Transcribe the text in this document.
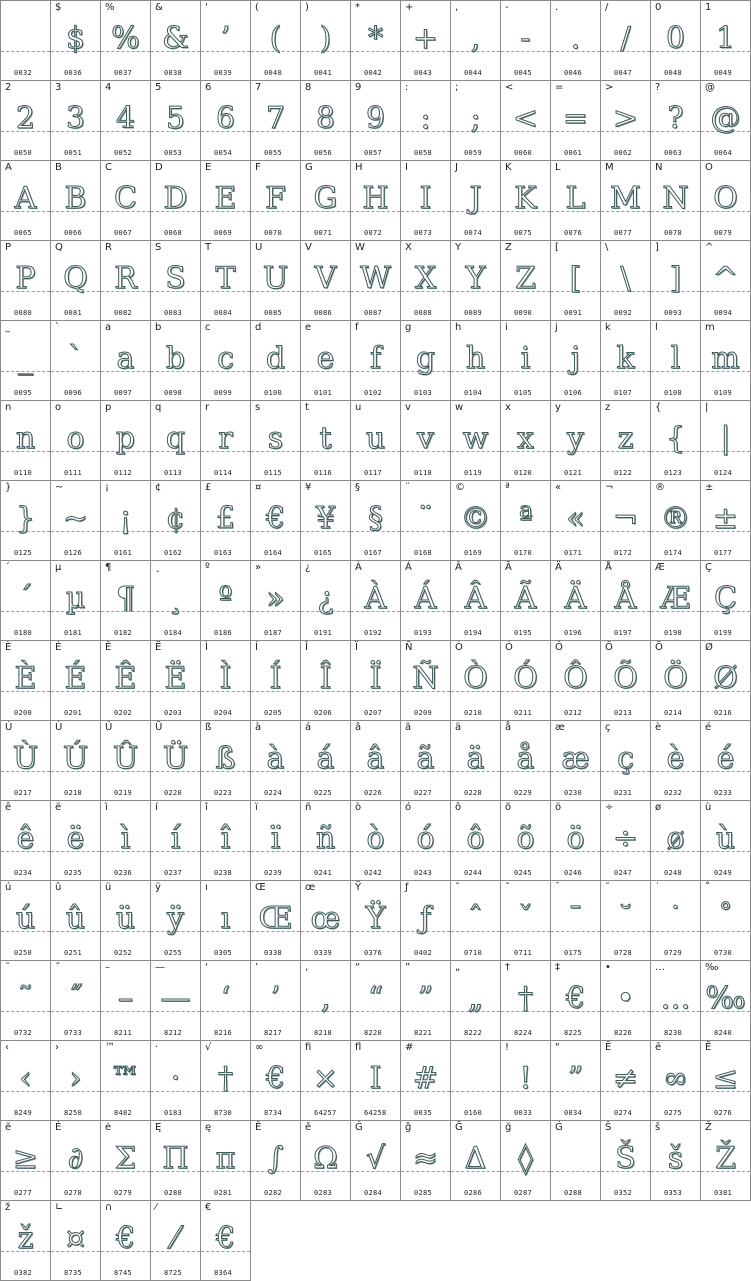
0032
$
$
0036
%
%
0037
&
&
0038
'
’
0039
(
(
0040
)
)
0041
*
*
0042
+
+
0043
,
,
0044
-
-
0045
.
.
0046
/
/
0047
0
0
0048
1
1
0049
2
2
0050
3
3
0051
4
4
0052
5
5
0053
6
6
0054
7
7
0055
8
8
0056
9
9
0057
:
:
0058
;
;
0059
<
<
0060
=
=
0061
>
>
0062
?
?
0063
@
@
0064
A
A
0065
B
B
0066
C
C
0067
D
D
0068
E
E
0069
F
F
0070
G
G
0071
H
H
0072
I
I
0073
J
J
0074
K
K
0075
L
L
0076
M
M
0077
N
N
0078
O
O
0079
P
P
0080
Q
Q
0081
R
R
0082
S
S
0083
T
T
0084
U
U
0085
V
V
0086
W
W
0087
X
X
0088
Y
Y
0089
Z
Z
0090
[
[
0091
\
\
0092
]
]
0093
^
^
0094
_
_
0095
`
`
0096
a
a
0097
b
b
0098
c
c
0099
d
d
0100
e
e
0101
f
f
0102
g
g
0103
h
h
0104
i
i
0105
j
j
0106
k
k
0107
l
l
0108
m
m
0109
n
n
0110
o
o
0111
p
p
0112
q
q
0113
r
r
0114
s
s
0115
t
t
0116
u
u
0117
v
v
0118
w
w
0119
x
x
0120
y
y
0121
z
z
0122
{
{
0123
|
|
0124
}
}
0125
~
~
0126
¡
¡
0161
¢
¢
0162
£
£
0163
¤
€
0164
¥
¥
0165
§
§
0167
¨
¨
0168
©
©
0169
ª
ª
0170
«
«
0171
¬
¬
0172
®
®
0174
±
±
0177
´
´
0180
µ
µ
0181
¶
¶
0182
¸
¸
0184
º
º
0186
»
»
0187
¿
¿
0191
À
À
0192
Á
Á
0193
Â
Â
0194
Ã
Ã
0195
Ä
Ä
0196
Å
Å
0197
Æ
Æ
0198
Ç
Ç
0199
È
È
0200
É
É
0201
Ê
Ê
0202
Ë
Ë
0203
Ì
Ì
0204
Í
Í
0205
Î
Î
0206
Ï
Ï
0207
Ñ
Ñ
0209
Ò
Ò
0210
Ó
Ó
0211
Ô
Ô
0212
Õ
Õ
0213
Ö
Ö
0214
Ø
Ø
0216
Ù
Ù
0217
Ú
Ú
0218
Û
Û
0219
Ü
Ü
0220
ß
ß
0223
à
à
0224
á
á
0225
â
â
0226
ã
ã
0227
ä
ä
0228
å
å
0229
æ
æ
0230
ç
ç
0231
è
è
0232
é
é
0233
ê
ê
0234
ë
ë
0235
ì
ì
0236
í
í
0237
î
î
0238
ï
ï
0239
ñ
ñ
0241
ò
ò
0242
ó
ó
0243
ô
ô
0244
õ
õ
0245
ö
ö
0246
÷
÷
0247
ø
ø
0248
ù
ù
0249
ú
ú
0250
û
û
0251
ü
ü
0252
ÿ
ÿ
0255
ı
ı
0305
Œ
Œ
0338
œ
œ
0339
Ÿ
Ÿ
0376
ƒ
ƒ
0402
ˆ
ˆ
0710
ˇ
ˇ
0711
¯
¯
0175
˘
˘
0728
˙
˙
0729
˚
˚
0730
˜
˜
0732
˝
˝
0733
–
–
8211
—
—
8212
‘
‘
8216
’
’
8217
‚
‚
8218
“
“
8220
”
”
8221
„
„
8222
†
†
8224
‡
€
8225
•
•
8226
…
…
8230
‰
‰
8240
‹
‹
8249
›
›
8250
™
™
8482
·
·
0183
√
†
8730
∞
€
8734
ﬁ
×
64257
ﬂ
I
64258
#
#
0035	0160
!
!
0033
"
”
0034
Ē
≠
0274
ē
∞
0275
Ĕ
≤
0276
ĕ
≥
0277
Ė
∂
0278
ė
Σ
0279
Ę
Π
0280
ę
π
0281
Ě
∫
0282
ě
Ω
0283
Ĝ
√
0284
ĝ
≈
0285
Ğ
Δ
0286
ğ
◊
0287
Ġ
0288
Š
Š
0352
š
š
0353
Ž
Ž
0381
ž
ž
0382
∟
¤
8735
∩
€
8745
⁄
⁄
8725
€
€
8364
